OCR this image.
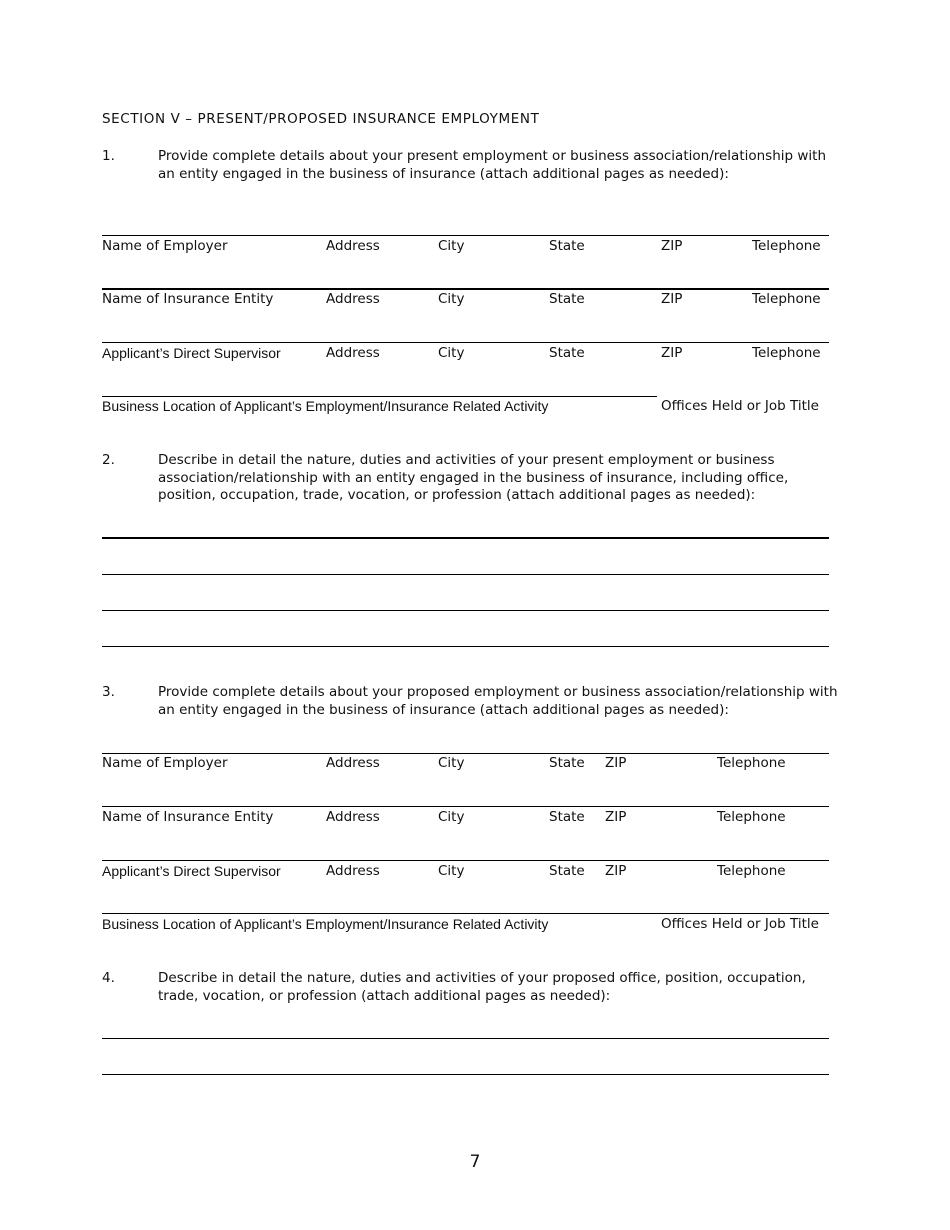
SECTION V – PRESENT/PROPOSED INSURANCE EMPLOYMENT
1.	Provide complete details about your present employment or business association/relationship with
an entity engaged in the business of insurance (attach additional pages as needed):
Name of Employer	Address	City	State	ZIP	Telephone
Name of Insurance Entity	Address	City	State	ZIP	Telephone
Applicant’s Direct Supervisor	Address	City	State	ZIP	Telephone
Business Location of Applicant’s Employment/Insurance Related Activity	Offices Held or Job Title
2.	Describe in detail the nature, duties and activities of your present employment or business
association/relationship with an entity engaged in the business of insurance, including office,
position, occupation, trade, vocation, or profession (attach additional pages as needed):
3.	Provide complete details about your proposed employment or business association/relationship with
an entity engaged in the business of insurance (attach additional pages as needed):
Name of Employer	Address	City	State ZIP	Telephone
Name of Insurance Entity	Address	City	State ZIP	Telephone
Applicant’s Direct Supervisor	Address	City	State ZIP	Telephone
Business Location of Applicant’s Employment/Insurance Related Activity	Offices Held or Job Title
4.	Describe in detail the nature, duties and activities of your proposed office, position, occupation,
trade, vocation, or profession (attach additional pages as needed):
7
